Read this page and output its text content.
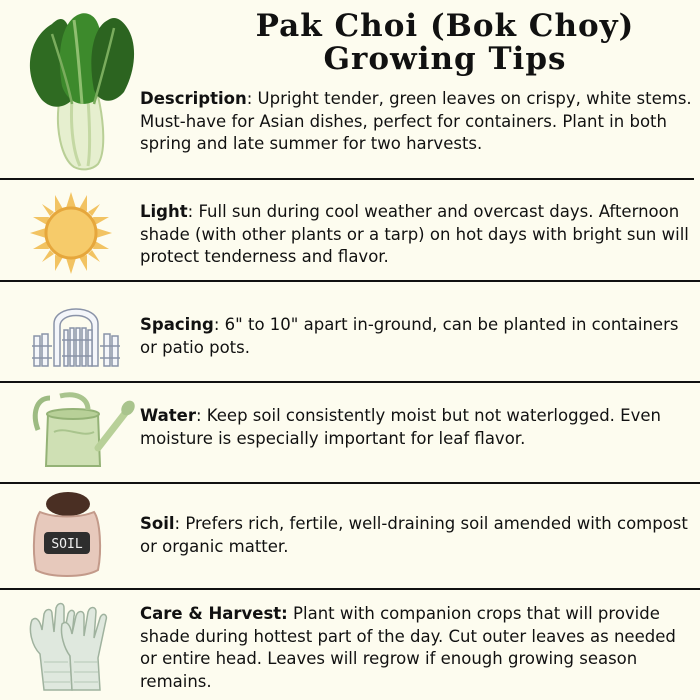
Pak Choi (Bok Choy)
Growing Tips

Description: Upright tender, green leaves on crispy, white stems. Must-have for Asian dishes, perfect for containers. Plant in both spring and late summer for two harvests.

Light: Full sun during cool weather and overcast days. Afternoon shade (with other plants or a tarp) on hot days with bright sun will protect tenderness and flavor.

Spacing: 6" to 10" apart in-ground, can be planted in containers or patio pots.

Water: Keep soil consistently moist but not waterlogged. Even moisture is especially important for leaf flavor.

SOIL

Soil: Prefers rich, fertile, well-draining soil amended with compost or organic matter.

Care & Harvest: Plant with companion crops that will provide shade during hottest part of the day. Cut outer leaves as needed or entire head. Leaves will regrow if enough growing season remains.
